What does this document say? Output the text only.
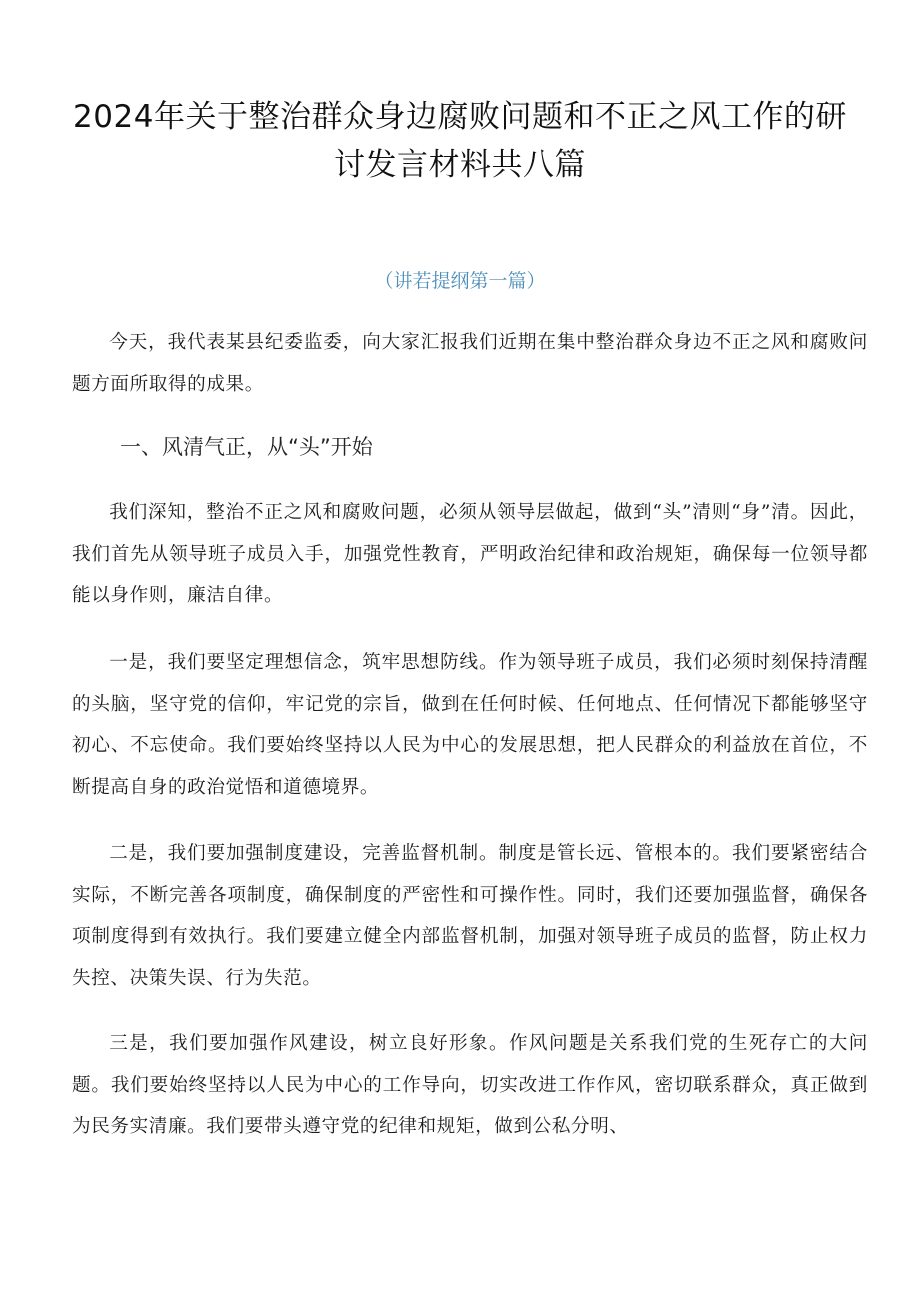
2024年关于整治群众身边腐败问题和不正之风工作的研讨发言材料共八篇

（讲若提纲第一篇）

今天，我代表某县纪委监委，向大家汇报我们近期在集中整治群众身边不正之风和腐败问题方面所取得的成果。

一、风清气正，从“头”开始

我们深知，整治不正之风和腐败问题，必须从领导层做起，做到“头”清则“身”清。因此，我们首先从领导班子成员入手，加强党性教育，严明政治纪律和政治规矩，确保每一位领导都能以身作则，廉洁自律。

一是，我们要坚定理想信念，筑牢思想防线。作为领导班子成员，我们必须时刻保持清醒的头脑，坚守党的信仰，牢记党的宗旨，做到在任何时候、任何地点、任何情况下都能够坚守初心、不忘使命。我们要始终坚持以人民为中心的发展思想，把人民群众的利益放在首位，不断提高自身的政治觉悟和道德境界。

二是，我们要加强制度建设，完善监督机制。制度是管长远、管根本的。我们要紧密结合实际，不断完善各项制度，确保制度的严密性和可操作性。同时，我们还要加强监督，确保各项制度得到有效执行。我们要建立健全内部监督机制，加强对领导班子成员的监督，防止权力失控、决策失误、行为失范。

三是，我们要加强作风建设，树立良好形象。作风问题是关系我们党的生死存亡的大问题。我们要始终坚持以人民为中心的工作导向，切实改进工作作风，密切联系群众，真正做到为民务实清廉。我们要带头遵守党的纪律和规矩，做到公私分明、
